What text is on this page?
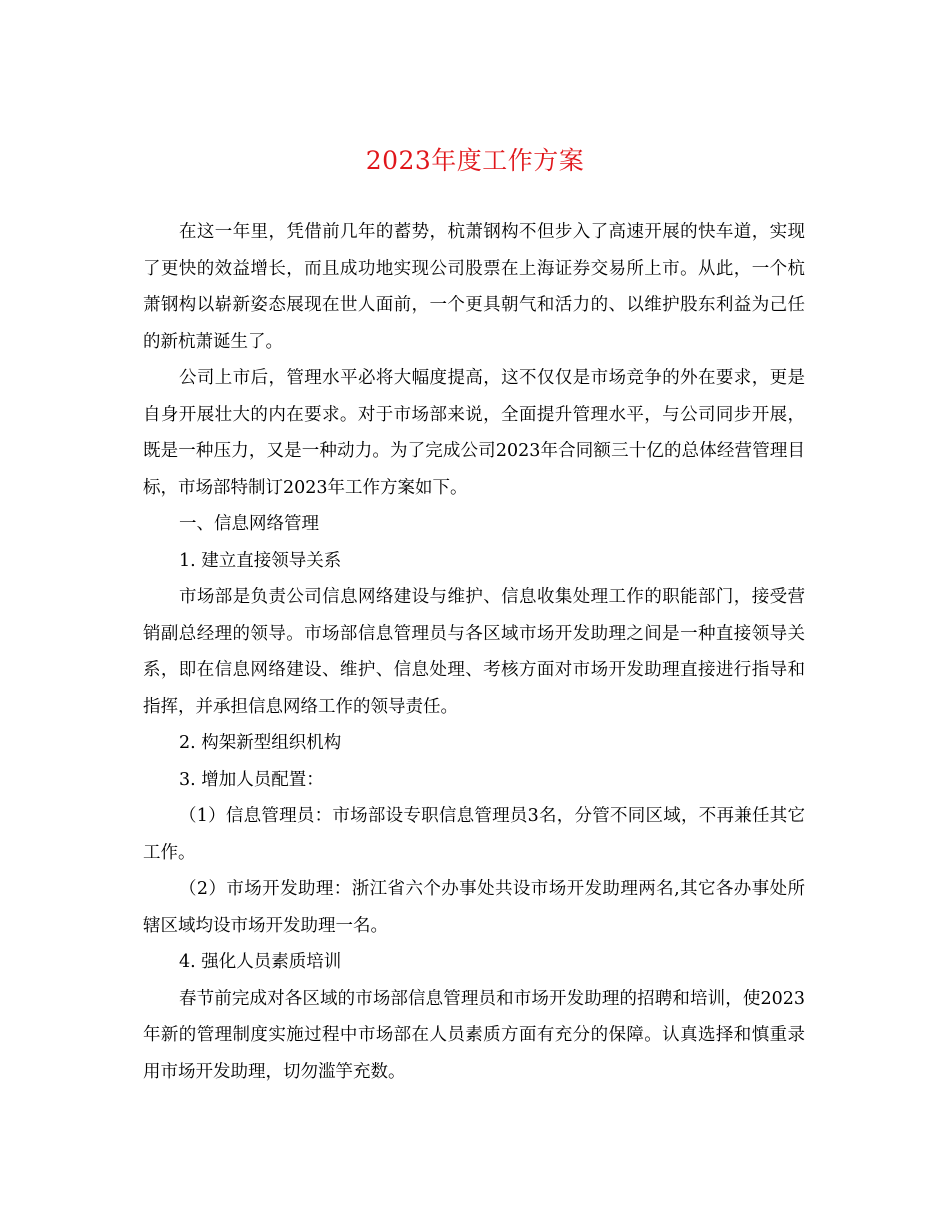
2023年度工作方案

在这一年里，凭借前几年的蓄势，杭萧钢构不但步入了高速开展的快车道，实现了更快的效益增长，而且成功地实现公司股票在上海证券交易所上市。从此，一个杭萧钢构以崭新姿态展现在世人面前，一个更具朝气和活力的、以维护股东利益为己任的新杭萧诞生了。

公司上市后，管理水平必将大幅度提高，这不仅仅是市场竞争的外在要求，更是自身开展壮大的内在要求。对于市场部来说，全面提升管理水平，与公司同步开展，既是一种压力，又是一种动力。为了完成公司2023年合同额三十亿的总体经营管理目标，市场部特制订2023年工作方案如下。

一、信息网络管理

1. 建立直接领导关系

市场部是负责公司信息网络建设与维护、信息收集处理工作的职能部门，接受营销副总经理的领导。市场部信息管理员与各区域市场开发助理之间是一种直接领导关系，即在信息网络建设、维护、信息处理、考核方面对市场开发助理直接进行指导和指挥，并承担信息网络工作的领导责任。

2. 构架新型组织机构

3. 增加人员配置：

（1）信息管理员：市场部设专职信息管理员3名，分管不同区域，不再兼任其它工作。

（2）市场开发助理：浙江省六个办事处共设市场开发助理两名,其它各办事处所辖区域均设市场开发助理一名。

4. 强化人员素质培训

春节前完成对各区域的市场部信息管理员和市场开发助理的招聘和培训，使2023年新的管理制度实施过程中市场部在人员素质方面有充分的保障。认真选择和慎重录用市场开发助理，切勿滥竽充数。
